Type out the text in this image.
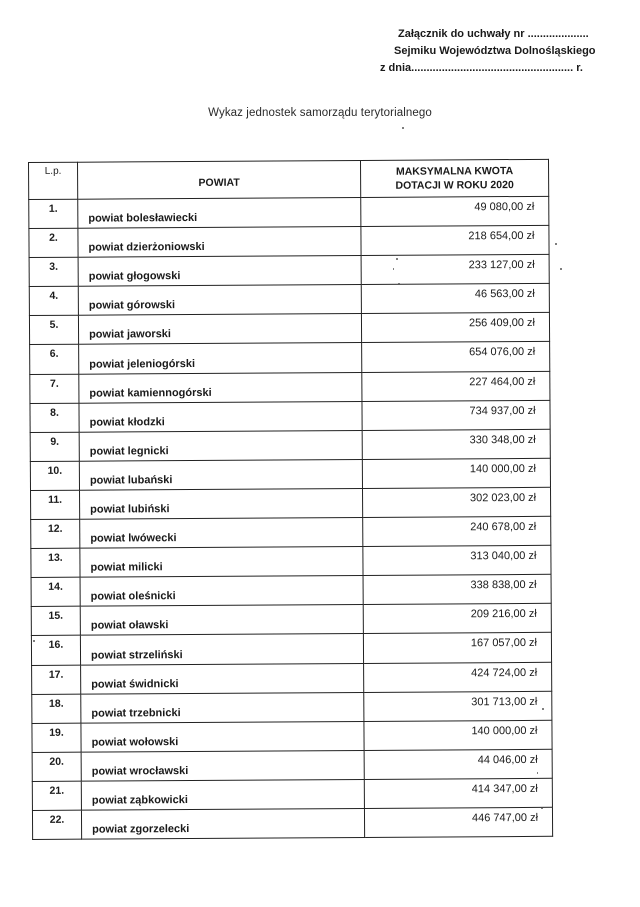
Załącznik do uchwały nr ....................
Sejmiku Województwa Dolnośląskiego
z dnia..................................................... r.
Wykaz jednostek samorządu terytorialnego
L.p.	POWIAT	MAKSYMALNA KWOTA
DOTACJI W ROKU 2020
1.	powiat bolesławiecki	49 080,00 zł
2.	powiat dzierżoniowski	218 654,00 zł
3.	powiat głogowski	233 127,00 zł
4.	powiat górowski	46 563,00 zł
5.	powiat jaworski	256 409,00 zł
6.	powiat jeleniogórski	654 076,00 zł
7.	powiat kamiennogórski	227 464,00 zł
8.	powiat kłodzki	734 937,00 zł
9.	powiat legnicki	330 348,00 zł
10.	powiat lubański	140 000,00 zł
11.	powiat lubiński	302 023,00 zł
12.	powiat lwówecki	240 678,00 zł
13.	powiat milicki	313 040,00 zł
14.	powiat oleśnicki	338 838,00 zł
15.	powiat oławski	209 216,00 zł
16.	powiat strzeliński	167 057,00 zł
17.	powiat świdnicki	424 724,00 zł
18.	powiat trzebnicki	301 713,00 zł
19.	powiat wołowski	140 000,00 zł
20.	powiat wrocławski	44 046,00 zł
21.	powiat ząbkowicki	414 347,00 zł
22.	powiat zgorzelecki	446 747,00 zł
